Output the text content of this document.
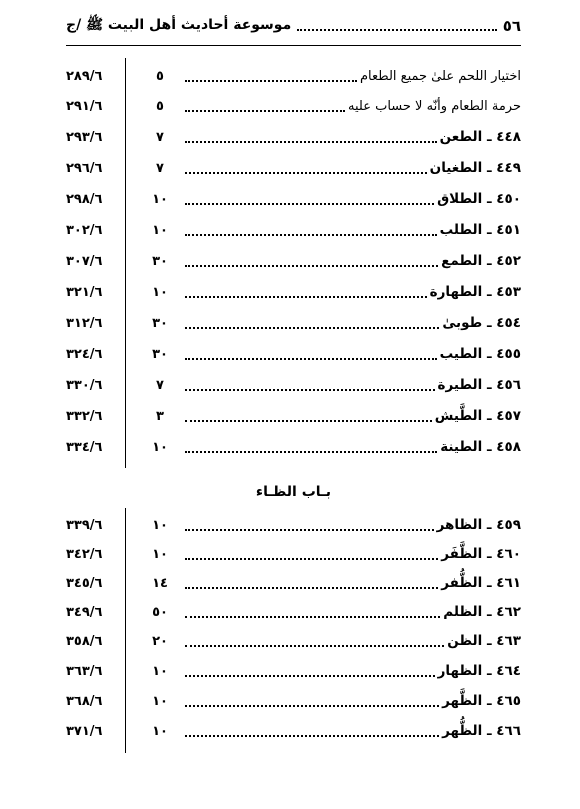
٥٦
موسوعة أحاديث أهل البيت ﷺ /ج
اختيار اللحم علىٰ جميع الطعام
٥
٢٨٩/٦
حرمة الطعام وأنّه لا حساب عليه
٥
٢٩١/٦
٤٤٨ ـ الطعن
٧
٢٩٣/٦
٤٤٩ ـ الطغيان
٧
٢٩٦/٦
٤٥٠ ـ الطلاق
١٠
٢٩٨/٦
٤٥١ ـ الطلب
١٠
٣٠٢/٦
٤٥٢ ـ الطمع
٣٠
٣٠٧/٦
٤٥٣ ـ الطهارة
١٠
٣٢١/٦
٤٥٤ ـ طوبىٰ
٣٠
٣١٢/٦
٤٥٥ ـ الطيب
٣٠
٣٢٤/٦
٤٥٦ ـ الطيرة
٧
٣٣٠/٦
٤٥٧ ـ الطَّيش
٣
٣٣٢/٦
٤٥٨ ـ الطينة
١٠
٣٣٤/٦
بـاب الظـاء
٤٥٩ ـ الظاهر
١٠
٣٣٩/٦
٤٦٠ ـ الظَّفَر
١٠
٣٤٢/٦
٤٦١ ـ الظُّفر
١٤
٣٤٥/٦
٤٦٢ ـ الظلم
٥٠
٣٤٩/٦
٤٦٣ ـ الظن
٢٠
٣٥٨/٦
٤٦٤ ـ الظهار
١٠
٣٦٣/٦
٤٦٥ ـ الظَّهر
١٠
٣٦٨/٦
٤٦٦ ـ الظُّهر
١٠
٣٧١/٦
